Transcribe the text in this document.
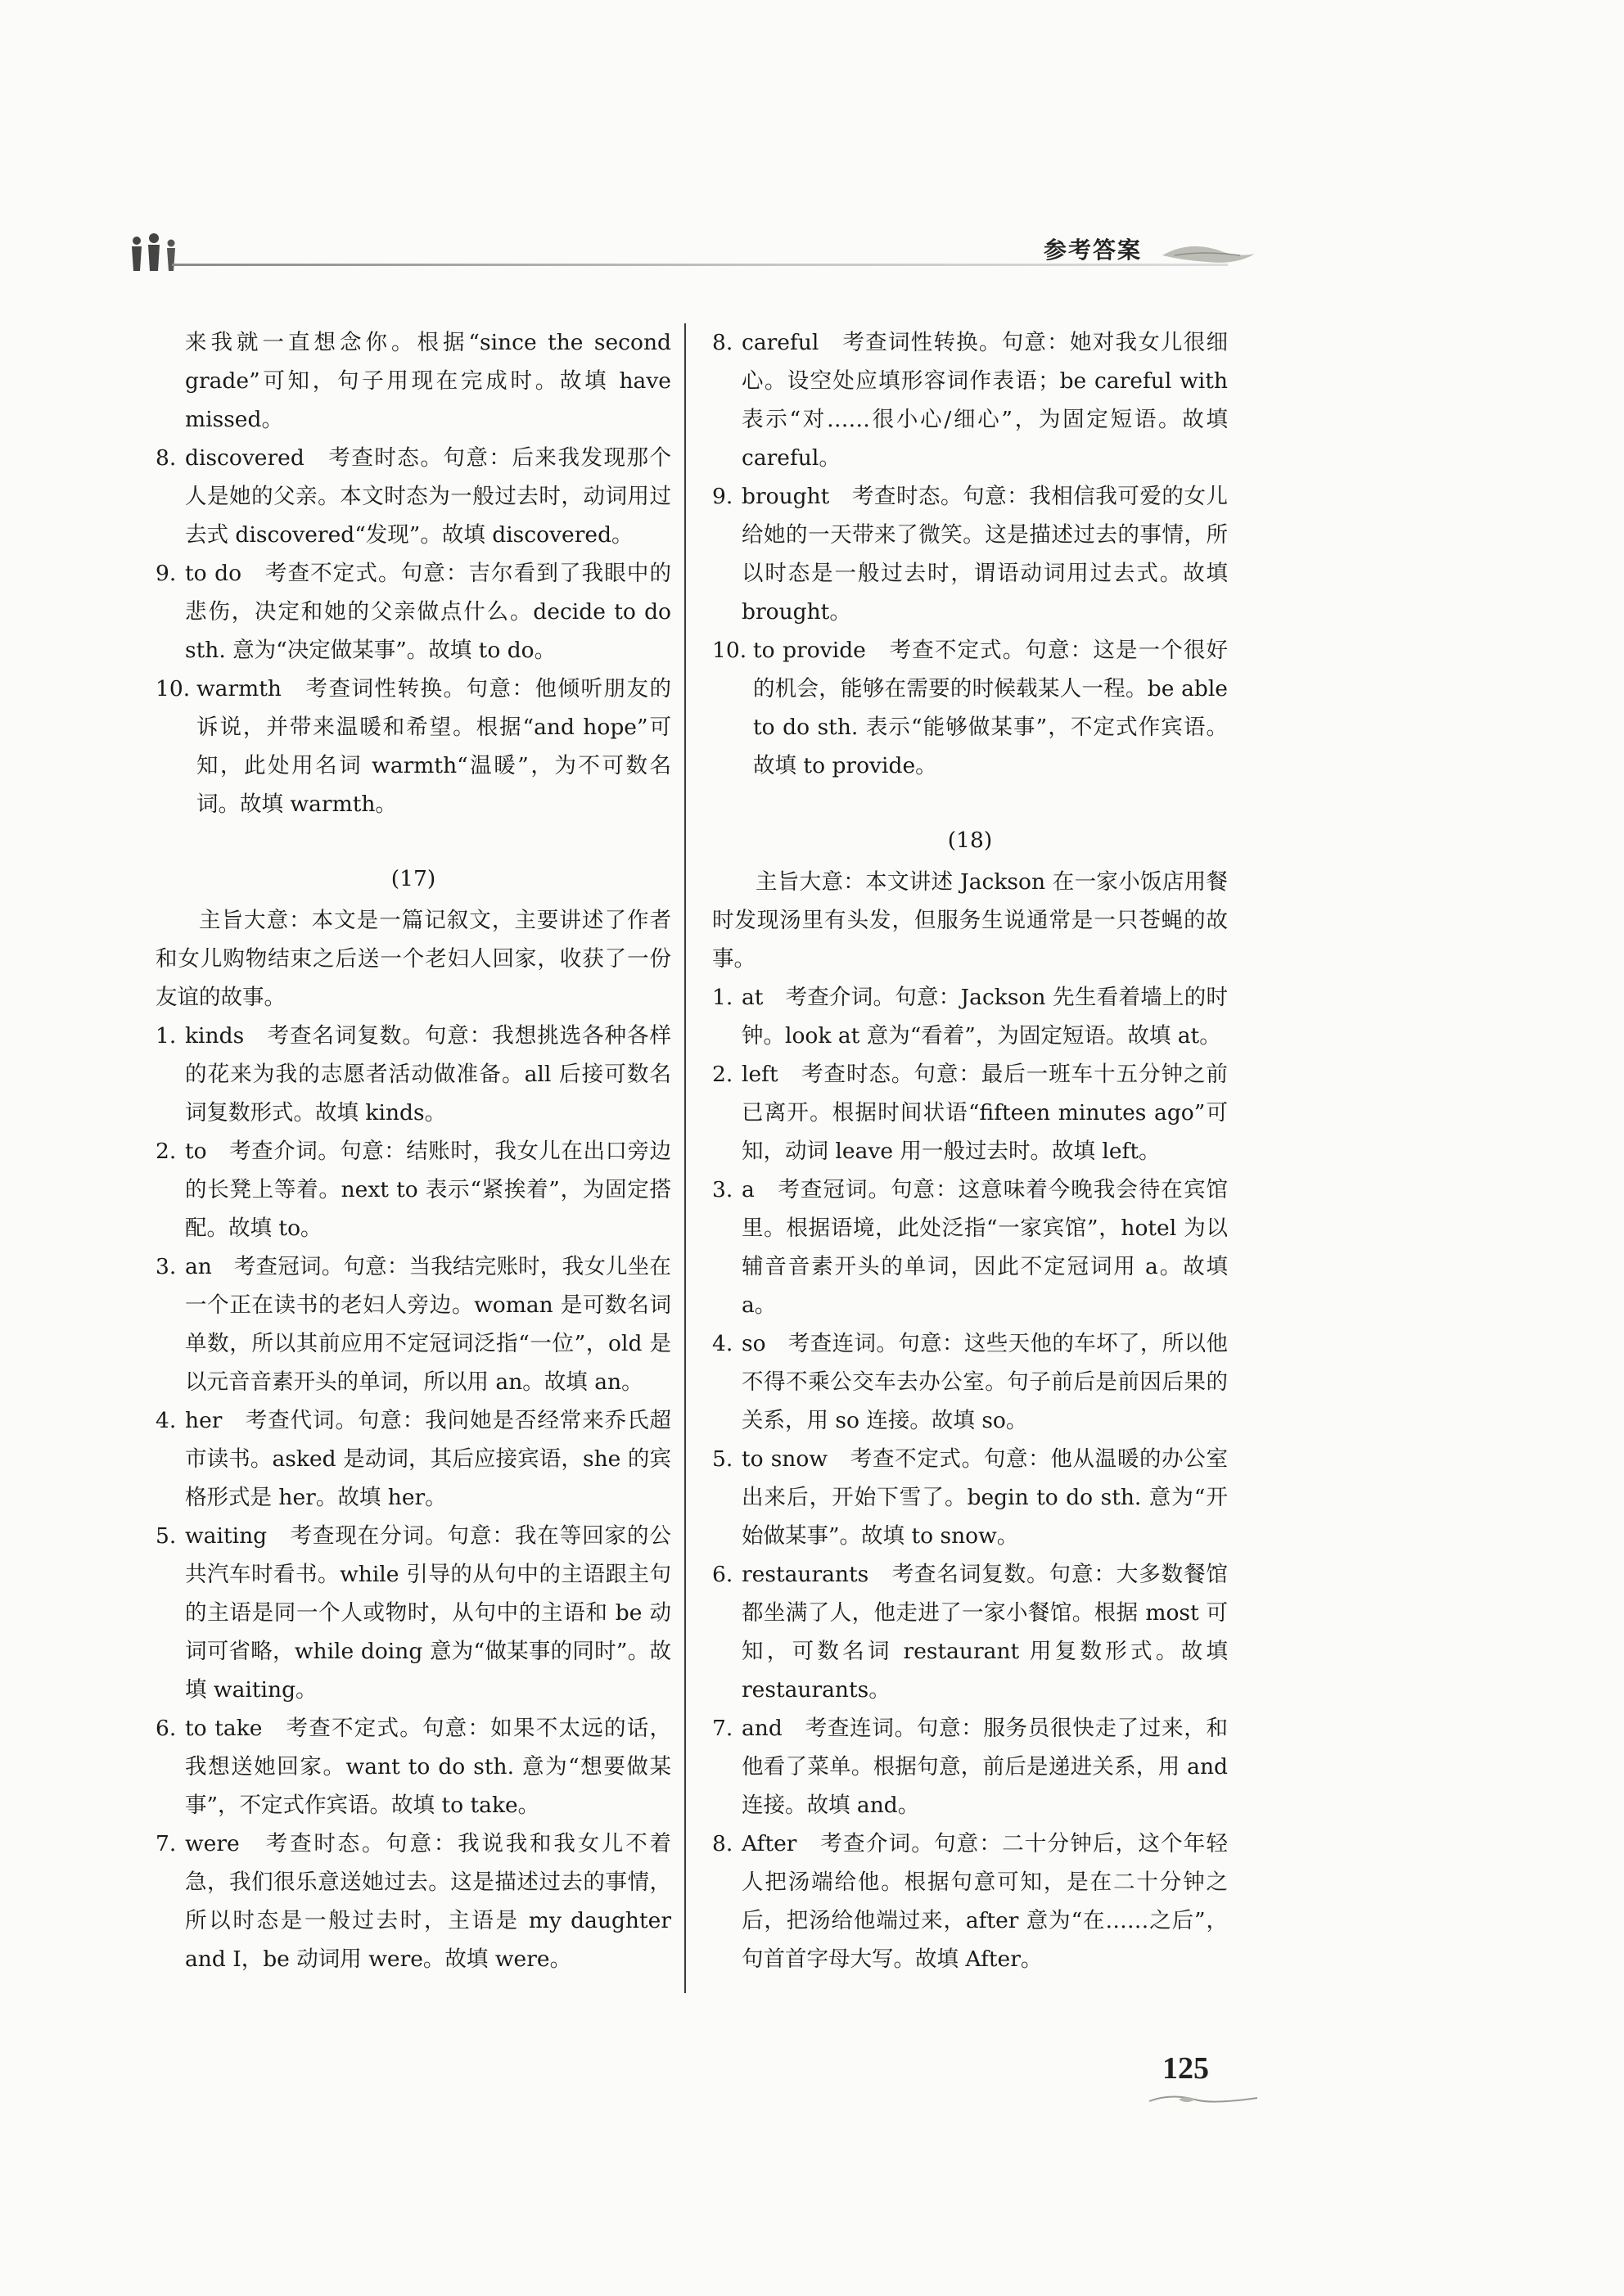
参考答案

来我就一直想念你。根据“since the second grade”可知，句子用现在完成时。故填 have missed。

8. discovered　考查时态。句意：后来我发现那个人是她的父亲。本文时态为一般过去时，动词用过去式 discovered“发现”。故填 discovered。
9. to do　考查不定式。句意：吉尔看到了我眼中的悲伤，决定和她的父亲做点什么。decide to do sth. 意为“决定做某事”。故填 to do。
10. warmth　考查词性转换。句意：他倾听朋友的诉说，并带来温暖和希望。根据“and hope”可知，此处用名词 warmth“温暖”，为不可数名词。故填 warmth。
(17)

主旨大意：本文是一篇记叙文，主要讲述了作者和女儿购物结束之后送一个老妇人回家，收获了一份友谊的故事。

1. kinds　考查名词复数。句意：我想挑选各种各样的花来为我的志愿者活动做准备。all 后接可数名词复数形式。故填 kinds。
2. to　考查介词。句意：结账时，我女儿在出口旁边的长凳上等着。next to 表示“紧挨着”，为固定搭配。故填 to。
3. an　考查冠词。句意：当我结完账时，我女儿坐在一个正在读书的老妇人旁边。woman 是可数名词单数，所以其前应用不定冠词泛指“一位”，old 是以元音音素开头的单词，所以用 an。故填 an。
4. her　考查代词。句意：我问她是否经常来乔氏超市读书。asked 是动词，其后应接宾语，she 的宾格形式是 her。故填 her。
5. waiting　考查现在分词。句意：我在等回家的公共汽车时看书。while 引导的从句中的主语跟主句的主语是同一个人或物时，从句中的主语和 be 动词可省略，while doing 意为“做某事的同时”。故填 waiting。
6. to take　考查不定式。句意：如果不太远的话，我想送她回家。want to do sth. 意为“想要做某事”，不定式作宾语。故填 to take。
7. were　考查时态。句意：我说我和我女儿不着急，我们很乐意送她过去。这是描述过去的事情，所以时态是一般过去时，主语是 my daughter and I，be 动词用 were。故填 were。
8. careful　考查词性转换。句意：她对我女儿很细心。设空处应填形容词作表语；be careful with 表示“对……很小心/细心”，为固定短语。故填 careful。
9. brought　考查时态。句意：我相信我可爱的女儿给她的一天带来了微笑。这是描述过去的事情，所以时态是一般过去时，谓语动词用过去式。故填 brought。
10. to provide　考查不定式。句意：这是一个很好的机会，能够在需要的时候载某人一程。be able to do sth. 表示“能够做某事”，不定式作宾语。故填 to provide。
(18)

主旨大意：本文讲述 Jackson 在一家小饭店用餐时发现汤里有头发，但服务生说通常是一只苍蝇的故事。

1. at　考查介词。句意：Jackson 先生看着墙上的时钟。look at 意为“看着”，为固定短语。故填 at。
2. left　考查时态。句意：最后一班车十五分钟之前已离开。根据时间状语“fifteen minutes ago”可知，动词 leave 用一般过去时。故填 left。
3. a　考查冠词。句意：这意味着今晚我会待在宾馆里。根据语境，此处泛指“一家宾馆”，hotel 为以辅音音素开头的单词，因此不定冠词用 a。故填 a。
4. so　考查连词。句意：这些天他的车坏了，所以他不得不乘公交车去办公室。句子前后是前因后果的关系，用 so 连接。故填 so。
5. to snow　考查不定式。句意：他从温暖的办公室出来后，开始下雪了。begin to do sth. 意为“开始做某事”。故填 to snow。
6. restaurants　考查名词复数。句意：大多数餐馆都坐满了人，他走进了一家小餐馆。根据 most 可知，可数名词 restaurant 用复数形式。故填 restaurants。
7. and　考查连词。句意：服务员很快走了过来，和他看了菜单。根据句意，前后是递进关系，用 and 连接。故填 and。
8. After　考查介词。句意：二十分钟后，这个年轻人把汤端给他。根据句意可知，是在二十分钟之后，把汤给他端过来，after 意为“在……之后”，句首首字母大写。故填 After。
125
